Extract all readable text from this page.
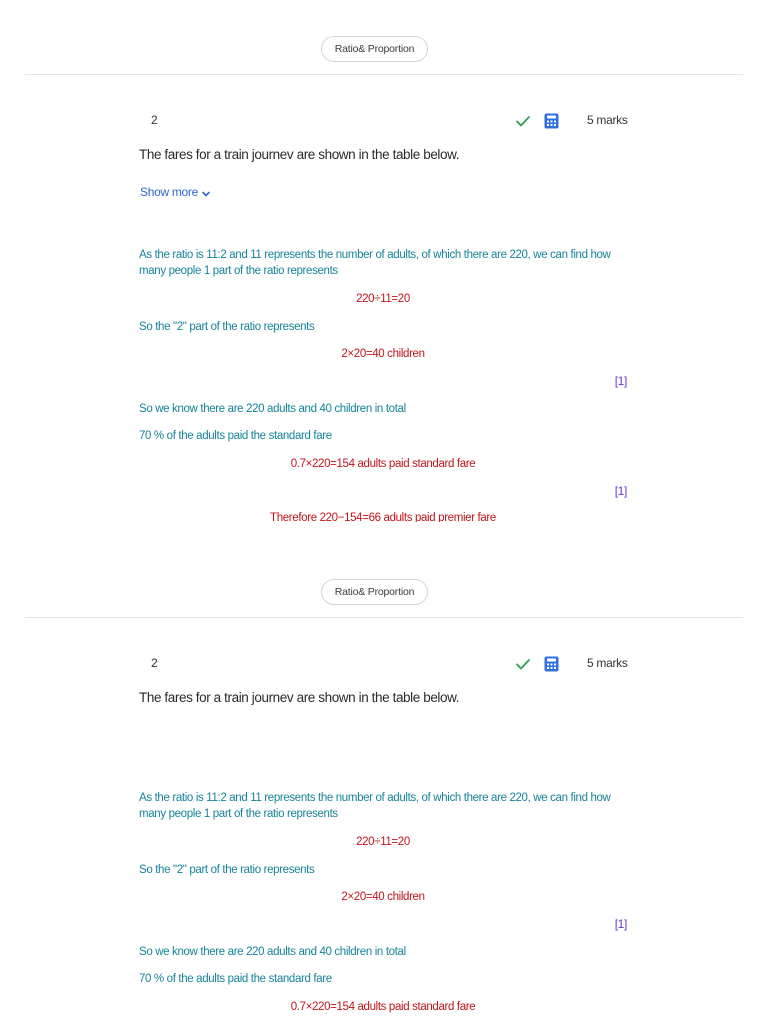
Ratio& Proportion
2	5 marks
The fares for a train journev are shown in the table below.
Show more
As the ratio is 11:2 and 11 represents the number of adults, of which there are 220, we can find how many people 1 part of the ratio represents
220÷11=20
So the "2" part of the ratio represents
2×20=40 children
[1]
So we know there are 220 adults and 40 children in total
70 % of the adults paid the standard fare
0.7×220=154 adults paid standard fare
[1]
Therefore 220−154=66 adults paid premier fare
Ratio& Proportion
2	5 marks
The fares for a train journev are shown in the table below.
As the ratio is 11:2 and 11 represents the number of adults, of which there are 220, we can find how many people 1 part of the ratio represents
220÷11=20
So the "2" part of the ratio represents
2×20=40 children
[1]
So we know there are 220 adults and 40 children in total
70 % of the adults paid the standard fare
0.7×220=154 adults paid standard fare
